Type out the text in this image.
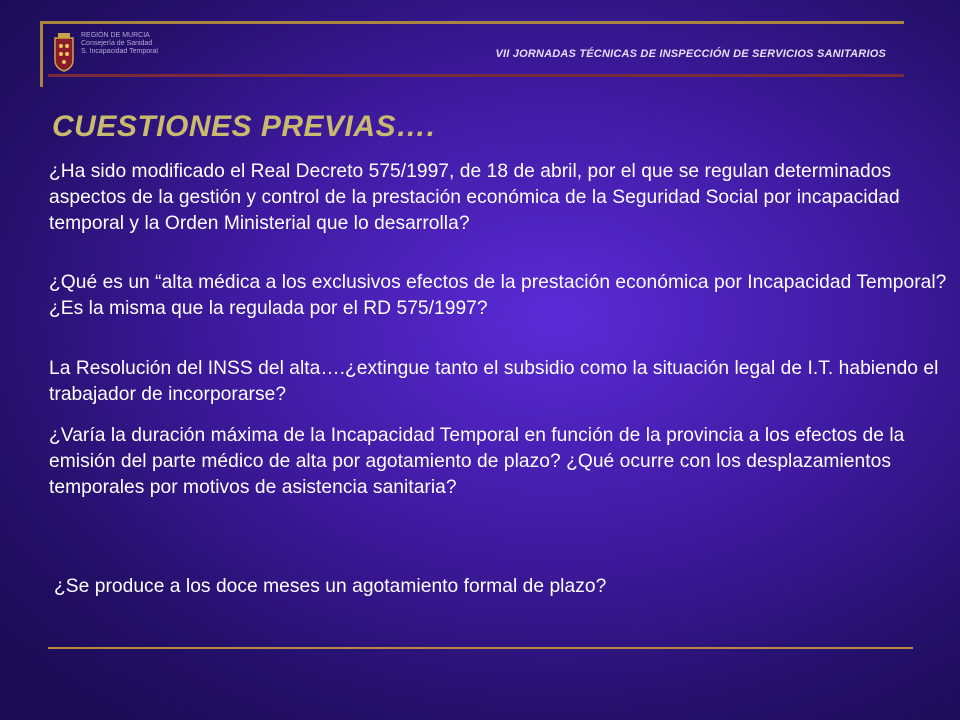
REGIÓN DE MURCIA
Consejería de Sanidad
S. Incapacidad Temporal	VII JORNADAS TÉCNICAS DE INSPECCIÓN DE SERVICIOS SANITARIOS
CUESTIONES PREVIAS….
¿Ha sido modificado el Real Decreto 575/1997, de 18 de abril, por el que se regulan determinados aspectos de la gestión y control de la prestación económica de la Seguridad Social por incapacidad temporal y la Orden Ministerial que lo desarrolla?
¿Qué es un “alta médica a los exclusivos efectos de la prestación económica por Incapacidad Temporal? ¿Es la misma que la regulada por el RD 575/1997?
La Resolución del INSS del alta….¿extingue tanto el subsidio como la situación legal de I.T. habiendo el trabajador de incorporarse?
¿Varía la duración máxima de la Incapacidad Temporal en función de la provincia a los efectos de la emisión del parte médico de alta por agotamiento de plazo? ¿Qué ocurre con los desplazamientos temporales por motivos de asistencia sanitaria?
¿Se produce a los doce meses un agotamiento formal de plazo?
